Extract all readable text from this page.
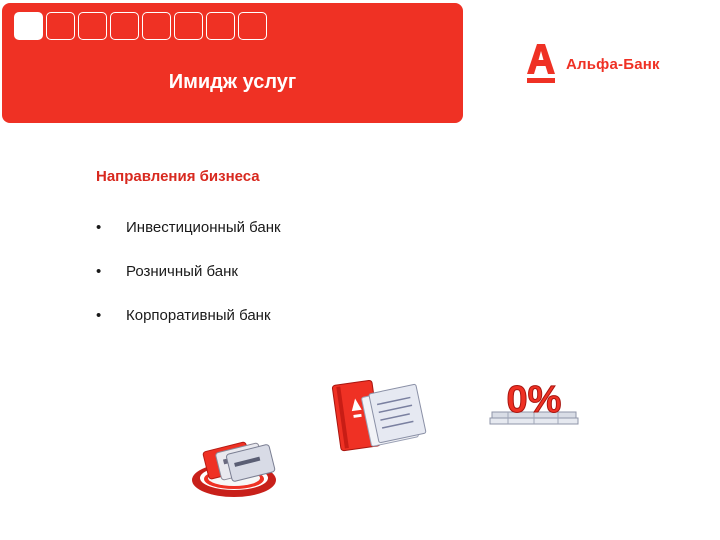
Имидж услуг
Альфа-Банк
Направления бизнеса
•	Инвестиционный банк
•	Розничный банк
•	Корпоративный банк
0%
